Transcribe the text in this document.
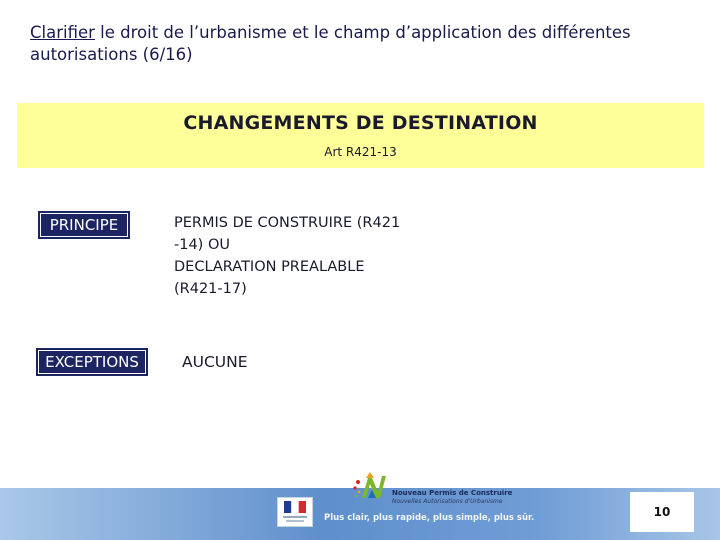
Clarifier le droit de l’urbanisme et le champ d’application des différentes autorisations (6/16)
CHANGEMENTS DE DESTINATION
Art R421-13
PRINCIPE	PERMIS DE CONSTRUIRE (R421
-14) OU
DECLARATION PREALABLE
(R421-17)
EXCEPTIONS	AUCUNE
Nouveau Permis de Construire
Nouvelles Autorisations d'Urbanisme
Plus clair, plus rapide, plus simple, plus sûr.	10
